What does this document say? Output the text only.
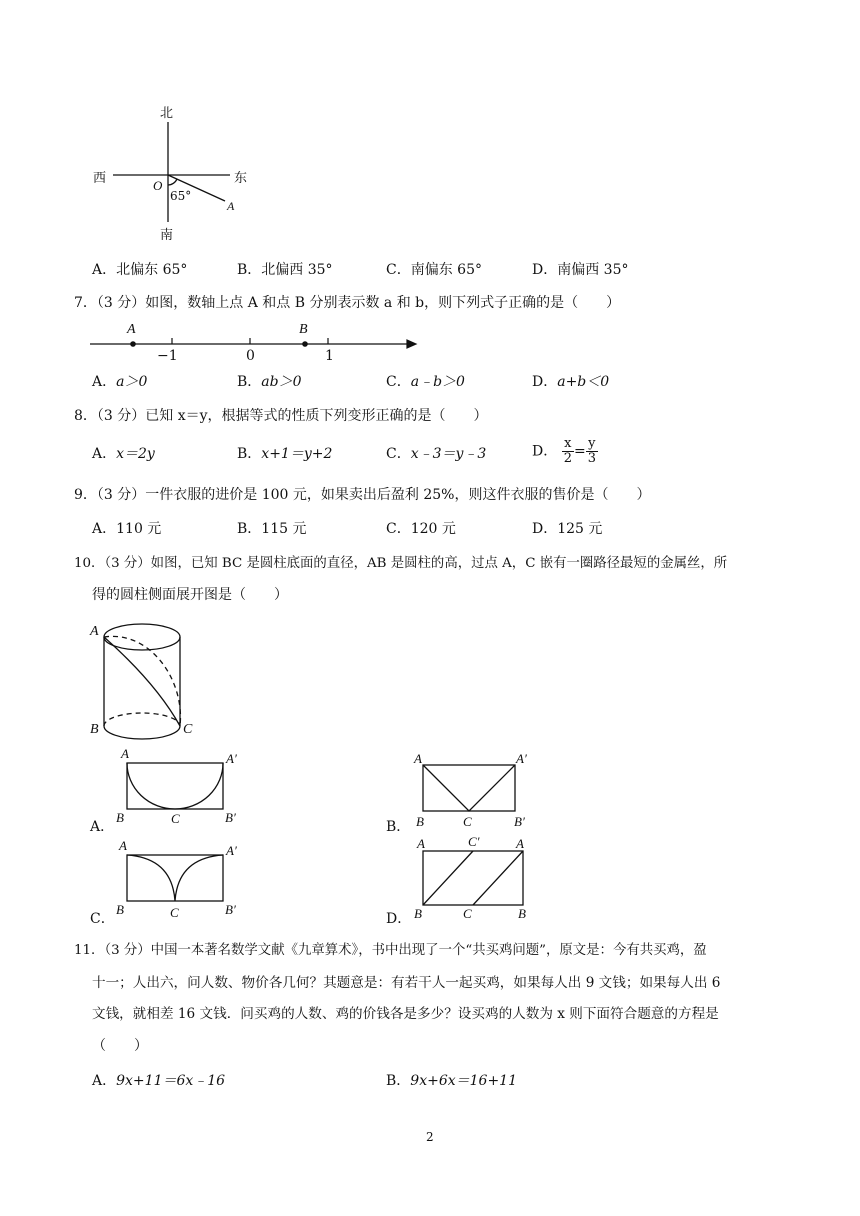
北
西	东
南
O
65°
A
A．北偏东 65°	B．北偏西 35°	C．南偏东 65°	D．南偏西 35°
7．（3 分）如图，数轴上点 A 和点 B 分别表示数 a 和 b，则下列式子正确的是（　　）
A	B
−1	0	1
A．a＞0	B．ab＞0	C．a﹣b＞0	D．a+b＜0
8．（3 分）已知 x＝y，根据等式的性质下列变形正确的是（　　）
A．x＝2y	B．x+1＝y+2	C．x﹣3＝y﹣3	D． $\frac{x}{2} = \frac{y}{3}$
9．（3 分）一件衣服的进价是 100 元，如果卖出后盈利 25%，则这件衣服的售价是（　　）
A．110 元	B．115 元	C．120 元	D．125 元
10．（3 分）如图，已知 BC 是圆柱底面的直径，AB 是圆柱的高，过点 A，C 嵌有一圈路径最短的金属丝，所
得的圆柱侧面展开图是（　　）
A
B	C
A．
A	A′
B	C	B′
B．
A	A′
B	C	B′
C．
A	A′
B	C	B′
D．
A	C′	A
B	C	B
11．（3 分）中国一本著名数学文献《九章算术》，书中出现了一个“共买鸡问题”，原文是：今有共买鸡，盈
十一；人出六，问人数、物价各几何？其题意是：有若干人一起买鸡，如果每人出 9 文钱；如果每人出 6
文钱，就相差 16 文钱．问买鸡的人数、鸡的价钱各是多少？设买鸡的人数为 x 则下面符合题意的方程是
（　　）
A．9x+11＝6x﹣16	B．9x+6x＝16+11
2
